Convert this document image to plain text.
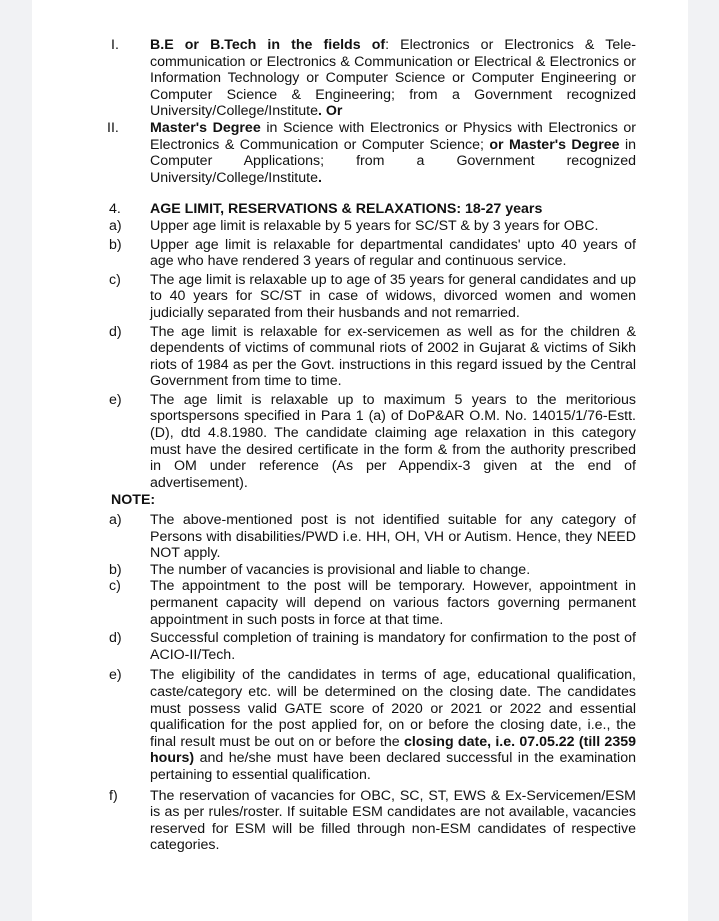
I. B.E or B.Tech in the fields of: Electronics or Electronics & Tele-communication or Electronics & Communication or Electrical & Electronics or Information Technology or Computer Science or Computer Engineering or Computer Science & Engineering; from a Government recognized University/College/Institute. Or

II. Master's Degree in Science with Electronics or Physics with Electronics or Electronics & Communication or Computer Science; or Master's Degree in Computer Applications; from a Government recognized University/College/Institute.

4. AGE LIMIT, RESERVATIONS & RELAXATIONS: 18-27 years

a) Upper age limit is relaxable by 5 years for SC/ST & by 3 years for OBC.

b) Upper age limit is relaxable for departmental candidates' upto 40 years of age who have rendered 3 years of regular and continuous service.

c) The age limit is relaxable up to age of 35 years for general candidates and up to 40 years for SC/ST in case of widows, divorced women and women judicially separated from their husbands and not remarried.

d) The age limit is relaxable for ex-servicemen as well as for the children & dependents of victims of communal riots of 2002 in Gujarat & victims of Sikh riots of 1984 as per the Govt. instructions in this regard issued by the Central Government from time to time.

e) The age limit is relaxable up to maximum 5 years to the meritorious sportspersons specified in Para 1 (a) of DoP&AR O.M. No. 14015/1/76-Estt.(D), dtd 4.8.1980. The candidate claiming age relaxation in this category must have the desired certificate in the form & from the authority prescribed in OM under reference (As per Appendix-3 given at the end of advertisement).

NOTE:
a) The above-mentioned post is not identified suitable for any category of Persons with disabilities/PWD i.e. HH, OH, VH or Autism. Hence, they NEED NOT apply.

b) The number of vacancies is provisional and liable to change.

c) The appointment to the post will be temporary. However, appointment in permanent capacity will depend on various factors governing permanent appointment in such posts in force at that time.

d) Successful completion of training is mandatory for confirmation to the post of ACIO-II/Tech.

e) The eligibility of the candidates in terms of age, educational qualification, caste/category etc. will be determined on the closing date. The candidates must possess valid GATE score of 2020 or 2021 or 2022 and essential qualification for the post applied for, on or before the closing date, i.e., the final result must be out on or before the closing date, i.e. 07.05.22 (till 2359 hours) and he/she must have been declared successful in the examination pertaining to essential qualification.

f) The reservation of vacancies for OBC, SC, ST, EWS & Ex-Servicemen/ESM is as per rules/roster. If suitable ESM candidates are not available, vacancies reserved for ESM will be filled through non-ESM candidates of respective categories.
